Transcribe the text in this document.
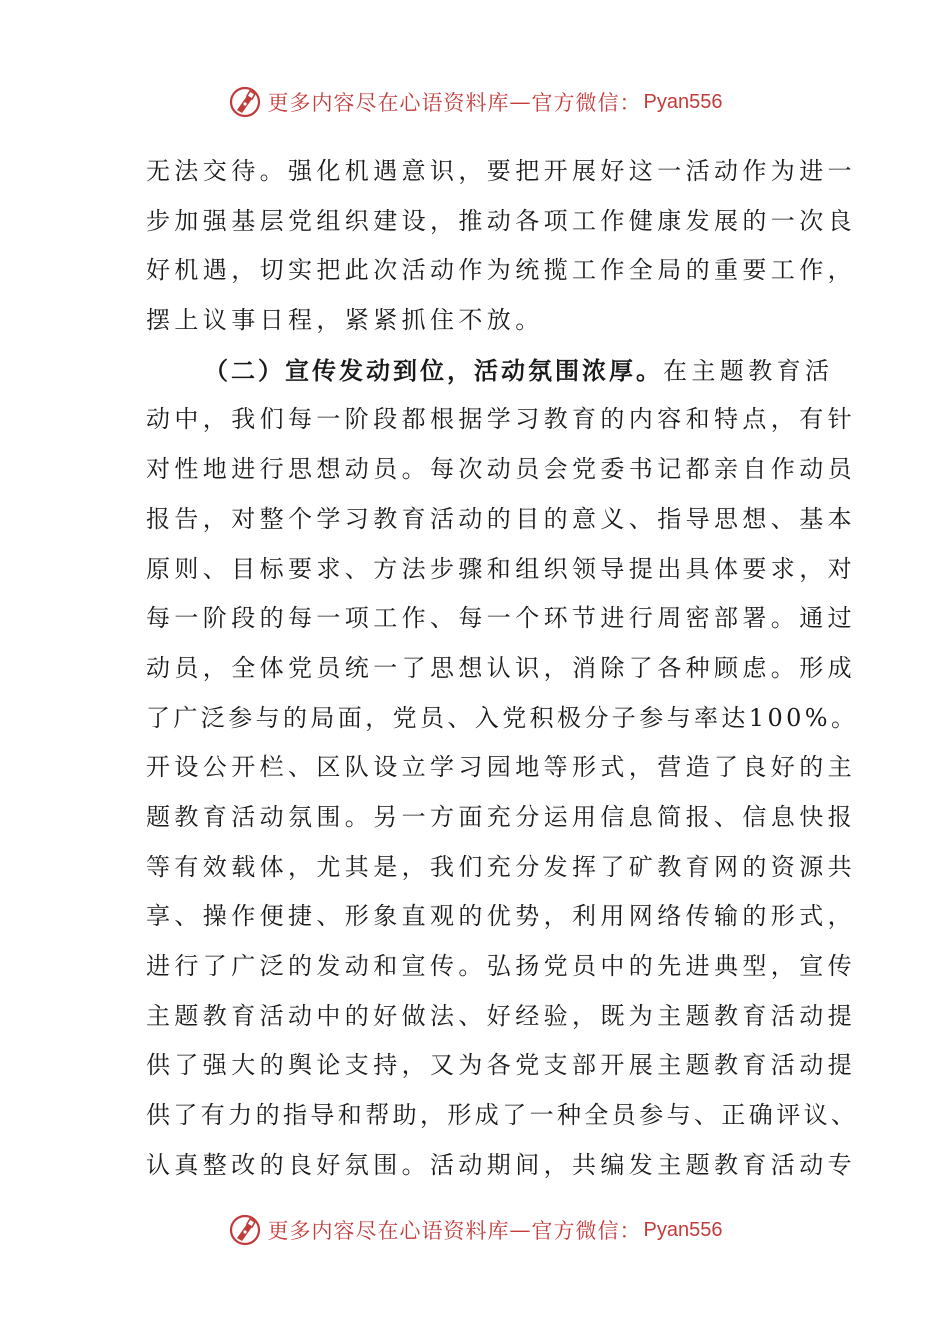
更多内容尽在心语资料库 — 官方微信： Pyan556
无法交待。强化机遇意识，要把开展好这一活动作为进一
步加强基层党组织建设，推动各项工作健康发展的一次良
好机遇，切实把此次活动作为统揽工作全局的重要工作，
摆上议事日程，紧紧抓住不放。
（二）宣传发动到位，活动氛围浓厚。在主题教育活
动中，我们每一阶段都根据学习教育的内容和特点，有针
对性地进行思想动员。每次动员会党委书记都亲自作动员
报告，对整个学习教育活动的目的意义、指导思想、基本
原则、目标要求、方法步骤和组织领导提出具体要求，对
每一阶段的每一项工作、每一个环节进行周密部署。通过
动员，全体党员统一了思想认识，消除了各种顾虑。形成
了广泛参与的局面，党员、入党积极分子参与率达100%。
开设公开栏、区队设立学习园地等形式，营造了良好的主
题教育活动氛围。另一方面充分运用信息简报、信息快报
等有效载体，尤其是，我们充分发挥了矿教育网的资源共
享、操作便捷、形象直观的优势，利用网络传输的形式，
进行了广泛的发动和宣传。弘扬党员中的先进典型，宣传
主题教育活动中的好做法、好经验，既为主题教育活动提
供了强大的舆论支持，又为各党支部开展主题教育活动提
供了有力的指导和帮助，形成了一种全员参与、正确评议、
认真整改的良好氛围。活动期间，共编发主题教育活动专
更多内容尽在心语资料库 — 官方微信： Pyan556
